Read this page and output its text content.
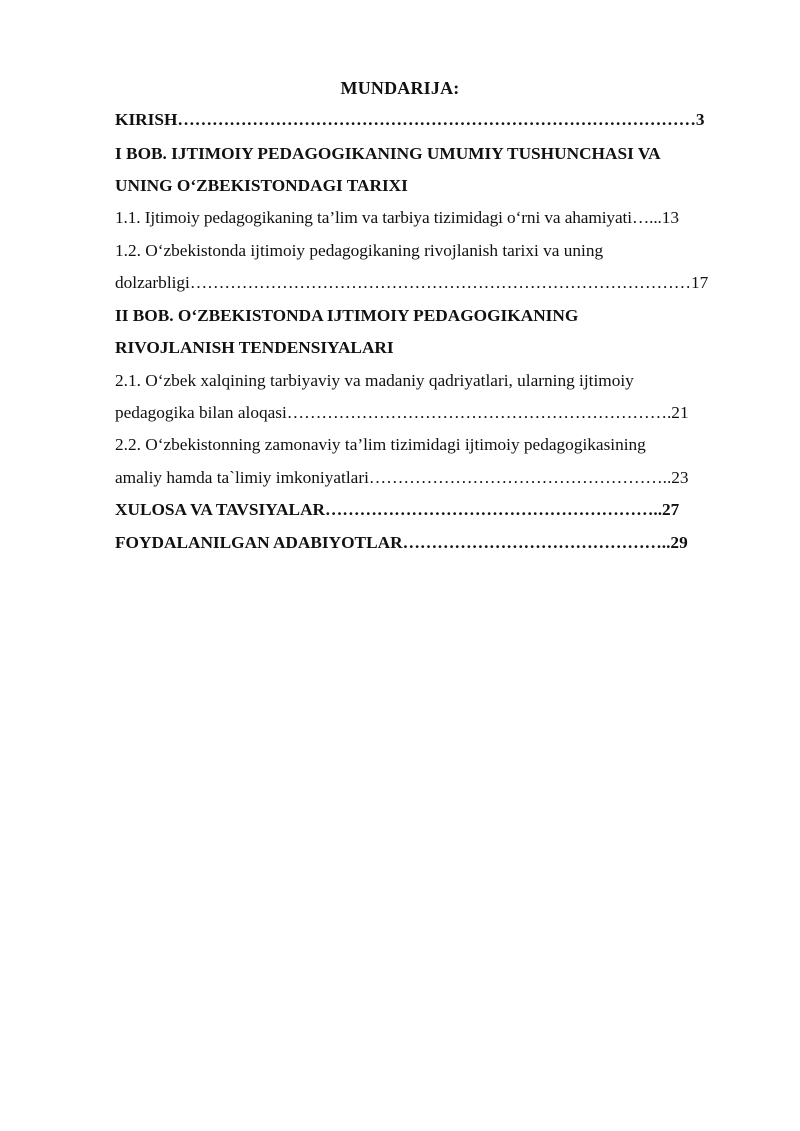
MUNDARIJA:
KIRISH………………………………………………………………………………3
I BOB. IJTIMOIY PEDAGOGIKANING UMUMIY TUSHUNCHASI VA
UNING O‘ZBEKISTONDAGI TARIXI
1.1. Ijtimoiy pedagogikaning ta’lim va tarbiya tizimidagi o‘rni va ahamiyati…...13
1.2. O‘zbekistonda ijtimoiy pedagogikaning rivojlanish tarixi va uning
dolzarbligi……………………………………………………………………………17
II BOB. O‘ZBEKISTONDA IJTIMOIY PEDAGOGIKANING
RIVOJLANISH TENDENSIYALARI
2.1. O‘zbek xalqining tarbiyaviy va madaniy qadriyatlari, ularning ijtimoiy
pedagogika bilan aloqasi………………………………………………………….21
2.2. O‘zbekistonning zamonaviy ta’lim tizimidagi ijtimoiy pedagogikasining
amaliy hamda ta`limiy imkoniyatlari……………………………………………..23
XULOSA VA TAVSIYALAR…………………………………………………..27
FOYDALANILGAN ADABIYOTLAR………………………………………..29
